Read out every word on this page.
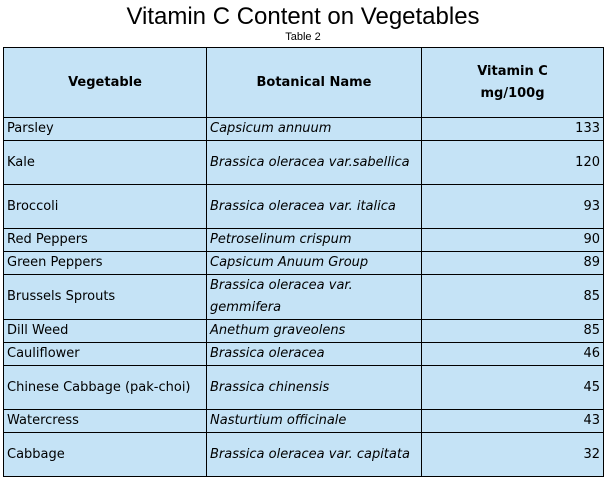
Vitamin C Content on Vegetables
Table 2
Vegetable	Botanical Name	Vitamin C
mg/100g

Parsley	Capsicum annuum	133
Kale	Brassica oleracea var.sabellica	120
Broccoli	Brassica oleracea var. italica	93
Red Peppers	Petroselinum crispum	90
Green Peppers	Capsicum Anuum Group	89
Brussels Sprouts	Brassica oleracea var. gemmifera	85
Dill Weed	Anethum graveolens	85
Cauliflower	Brassica oleracea	46
Chinese Cabbage (pak-choi)	Brassica chinensis	45
Watercress	Nasturtium officinale	43
Cabbage	Brassica oleracea var. capitata	32
